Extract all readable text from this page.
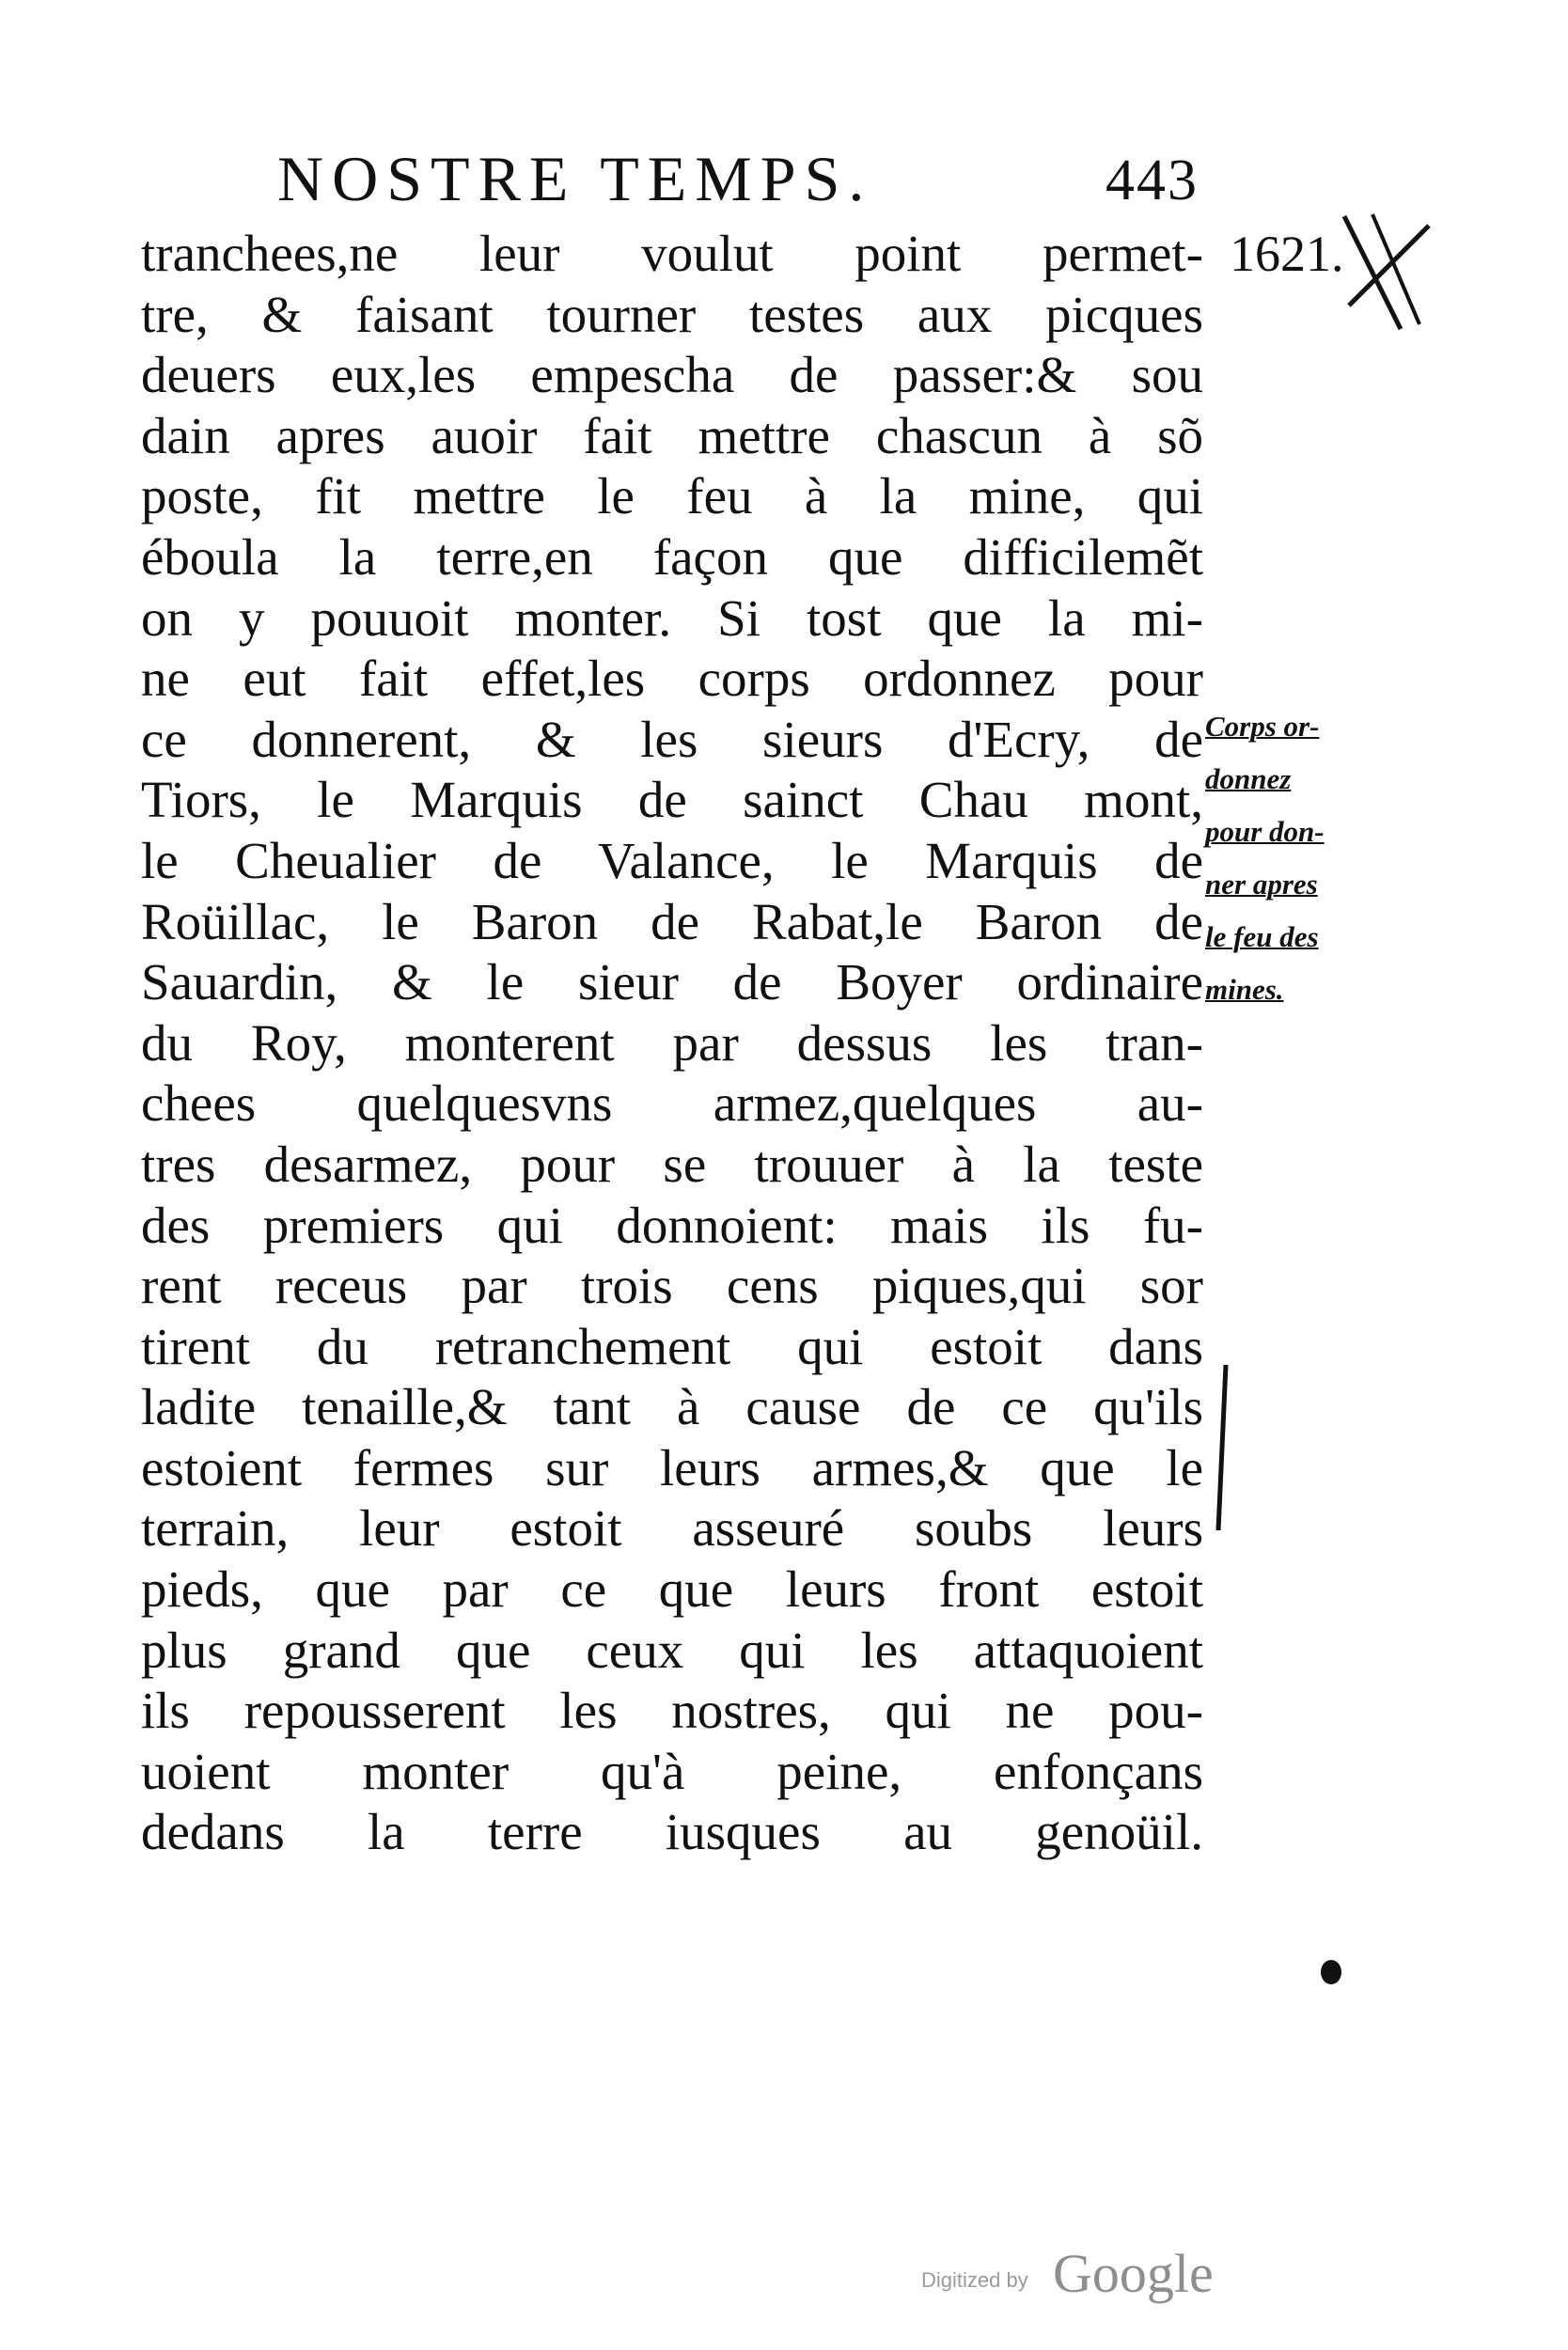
NOSTRE TEMPS.	443
1621.
tranchees,ne leur voulut point permet-
tre, & faisant tourner testes aux picques
deuers eux,les empescha de passer:& sou
dain apres auoir fait mettre chascun à sõ
poste, fit mettre le feu à la mine, qui
éboula la terre,en façon que difficilemẽt
on y pouuoit monter. Si tost que la mi-
ne eut fait effet,les corps ordonnez pour
ce donnerent, & les sieurs d'Ecry, de
Tiors, le Marquis de sainct Chau mont,
le Cheualier de Valance, le Marquis de
Roüillac, le Baron de Rabat,le Baron de
Sauardin, & le sieur de Boyer ordinaire
du Roy, monterent par dessus les tran-
chees quelquesvns armez,quelques au-
tres desarmez, pour se trouuer à la teste
des premiers qui donnoient: mais ils fu-
rent receus par trois cens piques,qui sor
tirent du retranchement qui estoit dans
ladite tenaille,& tant à cause de ce qu'ils
estoient fermes sur leurs armes,& que le
terrain, leur estoit asseuré soubs leurs
pieds, que par ce que leurs front estoit
plus grand que ceux qui les attaquoient
ils repousserent les nostres, qui ne pou-
uoient monter qu'à peine, enfonçans
dedans la terre iusques au genoüil.
Corps or-
donnez
pour don-
ner apres
le feu des
mines.
Digitized by Google
